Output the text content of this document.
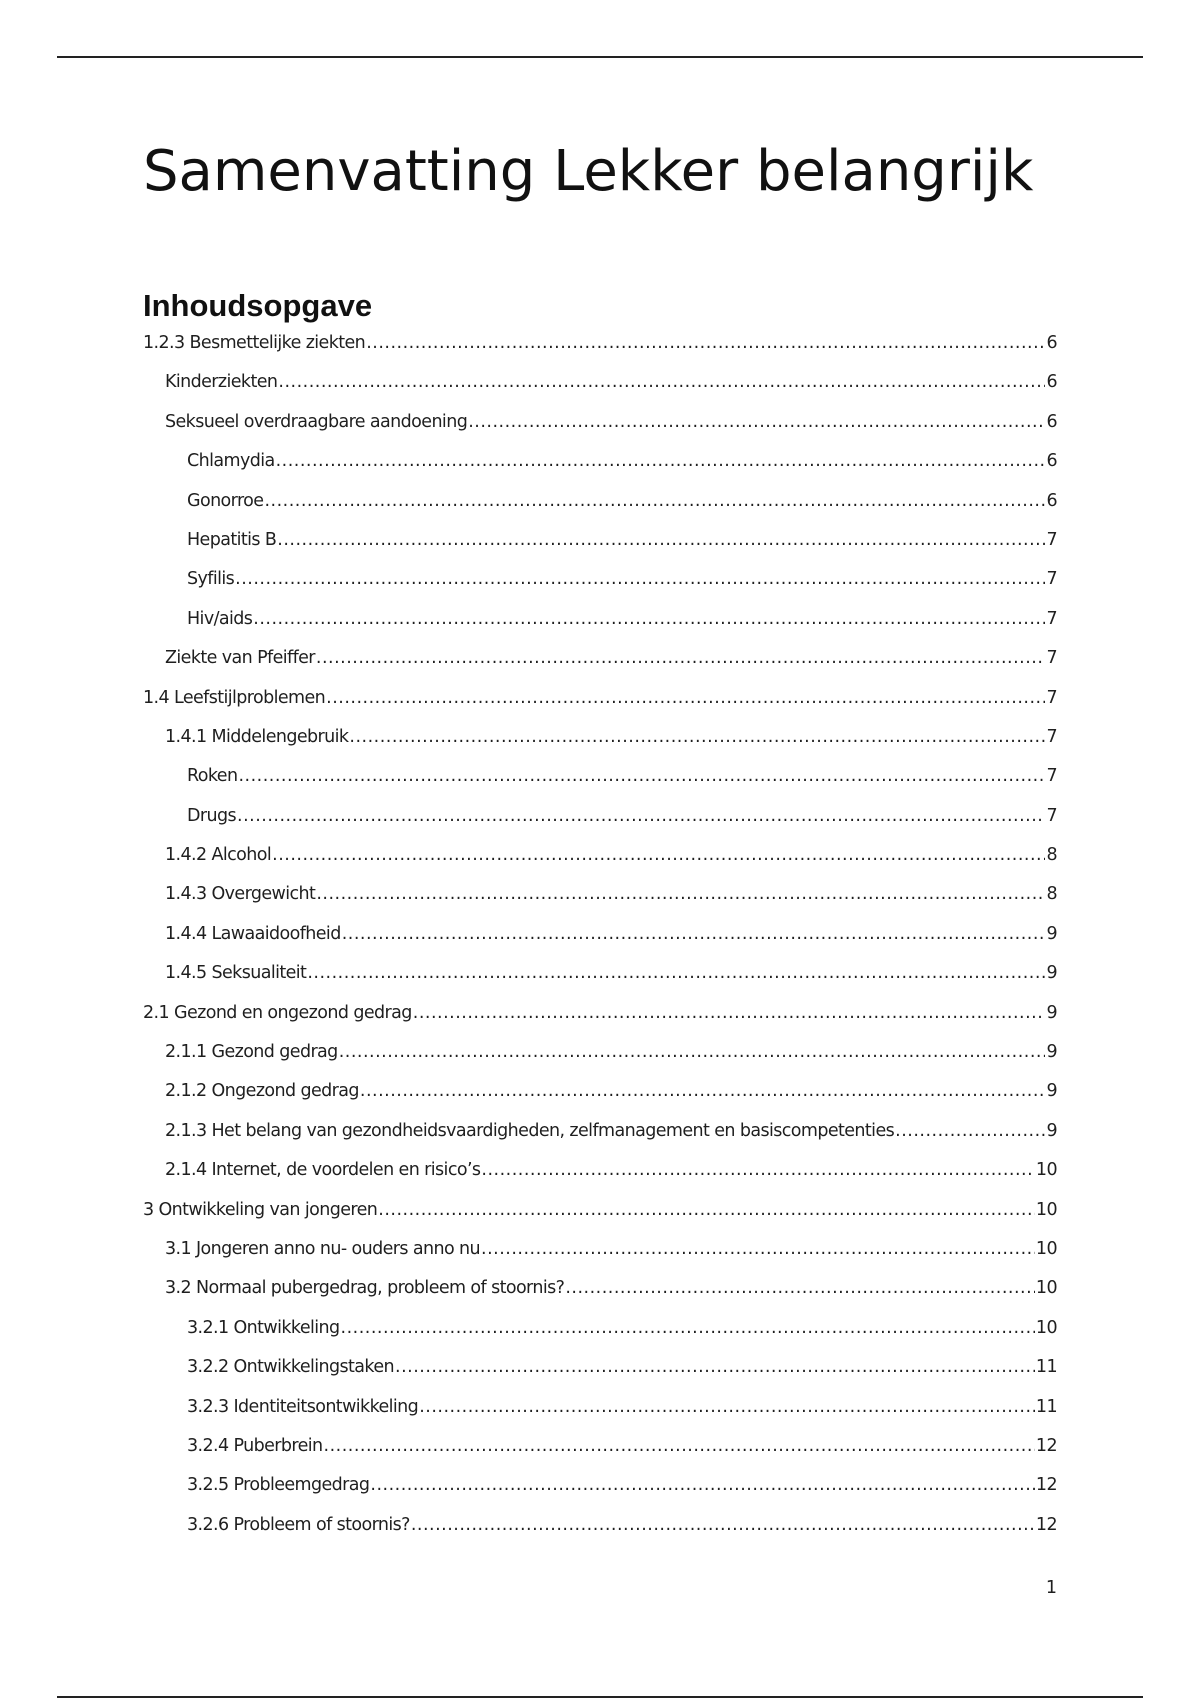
Samenvatting Lekker belangrijk
Inhoudsopgave
1.2.3 Besmettelijke ziekten .....	6
Kinderziekten .....	6
Seksueel overdraagbare aandoening .....	6
Chlamydia .....	6
Gonorroe .....	6
Hepatitis B .....	7
Syfilis .....	7
Hiv/aids .....	7
Ziekte van Pfeiffer .....	7
1.4 Leefstijlproblemen .....	7
1.4.1 Middelengebruik .....	7
Roken .....	7
Drugs .....	7
1.4.2 Alcohol .....	8
1.4.3 Overgewicht .....	8
1.4.4 Lawaaidoofheid .....	9
1.4.5 Seksualiteit .....	9
2.1 Gezond en ongezond gedrag .....	9
2.1.1 Gezond gedrag .....	9
2.1.2 Ongezond gedrag .....	9
2.1.3 Het belang van gezondheidsvaardigheden, zelfmanagement en basiscompetenties .....	9
2.1.4 Internet, de voordelen en risico’s .....	10
3 Ontwikkeling van jongeren .....	10
3.1 Jongeren anno nu- ouders anno nu .....	10
3.2 Normaal pubergedrag, probleem of stoornis? .....	10
3.2.1 Ontwikkeling .....	10
3.2.2 Ontwikkelingstaken .....	11
3.2.3 Identiteitsontwikkeling .....	11
3.2.4 Puberbrein .....	12
3.2.5 Probleemgedrag .....	12
3.2.6 Probleem of stoornis? .....	12
1
